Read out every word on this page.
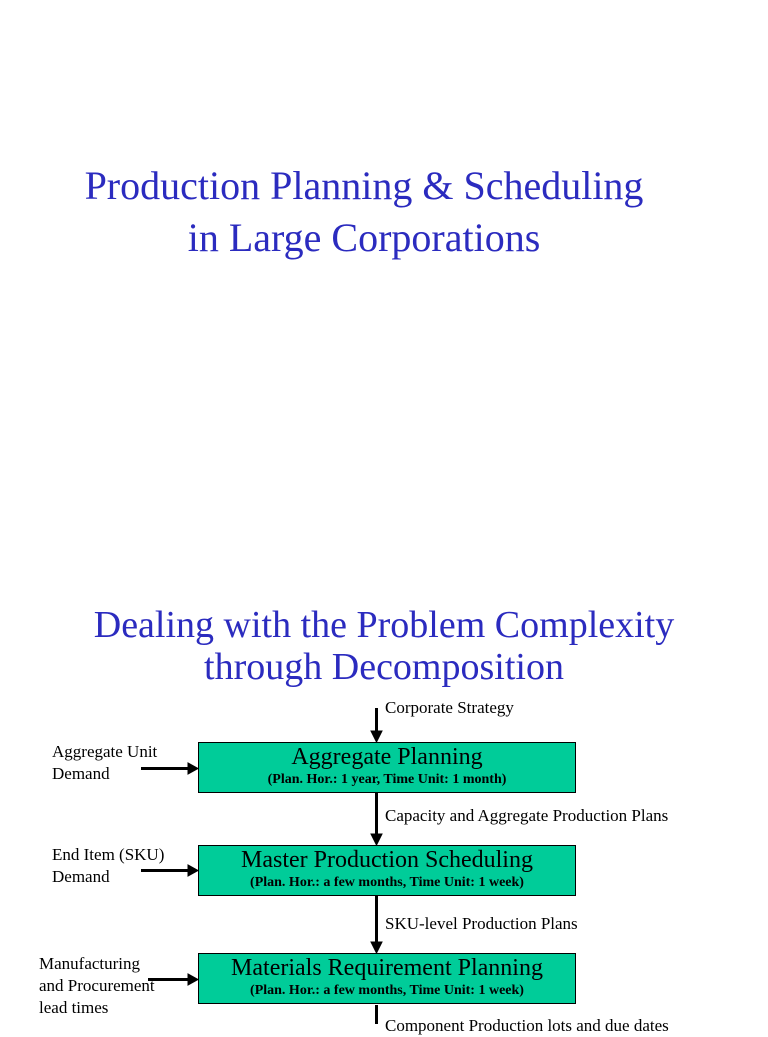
Production Planning & Scheduling
in Large Corporations
Dealing with the Problem Complexity
through Decomposition
Corporate Strategy
Capacity and Aggregate Production Plans
SKU-level Production Plans
Component Production lots and due dates
Aggregate Planning
(Plan. Hor.: 1 year, Time Unit: 1 month)
Master Production Scheduling
(Plan. Hor.: a few months, Time Unit: 1 week)
Materials Requirement Planning
(Plan. Hor.: a few months, Time Unit: 1 week)
Aggregate Unit
Demand
End Item (SKU)
Demand
Manufacturing
and Procurement
lead times
